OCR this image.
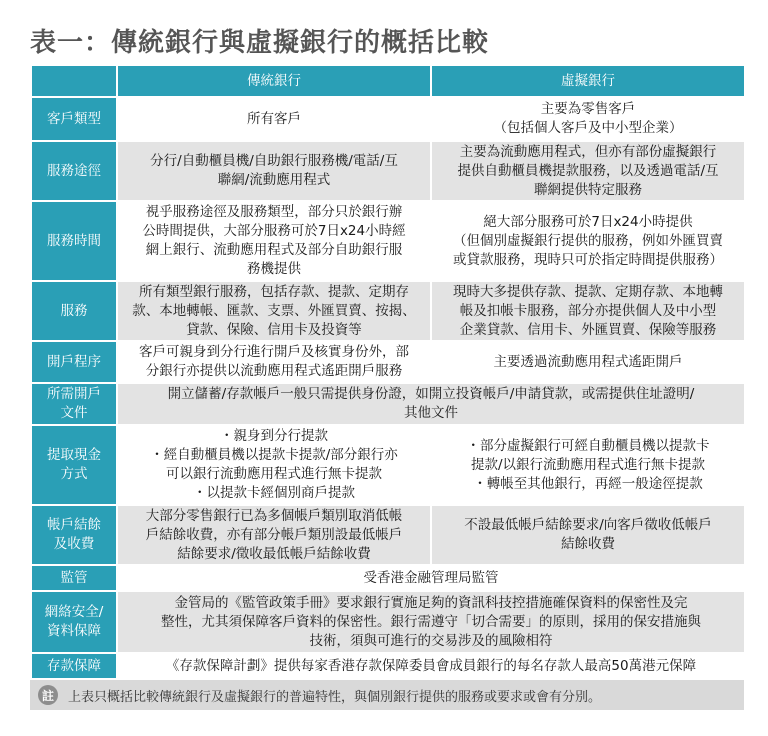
表一：傳統銀行與虛擬銀行的概括比較
	傳統銀行	虛擬銀行
客戶類型	所有客戶	主要為零售客戶
（包括個人客戶及中小型企業）

服務途徑	分行/自動櫃員機/自助銀行服務機/電話/互
聯網/流動應用程式	主要為流動應用程式，但亦有部份虛擬銀行
提供自動櫃員機提款服務，以及透過電話/互
聯網提供特定服務

服務時間	視乎服務途徑及服務類型，部分只於銀行辦
公時間提供，大部分服務可於7日x24小時經
網上銀行、流動應用程式及部分自助銀行服
務機提供	絕大部分服務可於7日x24小時提供
（但個別虛擬銀行提供的服務，例如外匯買賣
或貸款服務，現時只可於指定時間提供服務）

服務	所有類型銀行服務，包括存款、提款、定期存
款、本地轉帳、匯款、支票、外匯買賣、按揭、
貸款、保險、信用卡及投資等	現時大多提供存款、提款、定期存款、本地轉
帳及扣帳卡服務，部分亦提供個人及中小型
企業貸款、信用卡、外匯買賣、保險等服務

開戶程序	客戶可親身到分行進行開戶及核實身份外，部
分銀行亦提供以流動應用程式遙距開戶服務	主要透過流動應用程式遙距開戶

所需開戶
文件	開立儲蓄/存款帳戶一般只需提供身份證，如開立投資帳戶/申請貸款，或需提供住址證明/
其他文件	

提取現金
方式	・親身到分行提款
・經自動櫃員機以提款卡提款/部分銀行亦
可以銀行流動應用程式進行無卡提款
・以提款卡經個別商戶提款	・部分虛擬銀行可經自動櫃員機以提款卡
提款/以銀行流動應用程式進行無卡提款
・轉帳至其他銀行，再經一般途徑提款

帳戶結餘
及收費	大部分零售銀行已為多個帳戶類別取消低帳
戶結餘收費，亦有部分帳戶類別設最低帳戶
結餘要求/徵收最低帳戶結餘收費	不設最低帳戶結餘要求/向客戶徵收低帳戶
結餘收費

監管	受香港金融管理局監管	

網絡安全/
資料保障	金管局的《監管政策手冊》要求銀行實施足夠的資訊科技控措施確保資料的保密性及完
整性，尤其須保障客戶資料的保密性。銀行需遵守「切合需要」的原則，採用的保安措施與
技術，須與可進行的交易涉及的風險相符	

存款保障	《存款保障計劃》提供每家香港存款保障委員會成員銀行的每名存款人最高50萬港元保障	
註	上表只概括比較傳統銀行及虛擬銀行的普遍特性，與個別銀行提供的服務或要求或會有分別。
